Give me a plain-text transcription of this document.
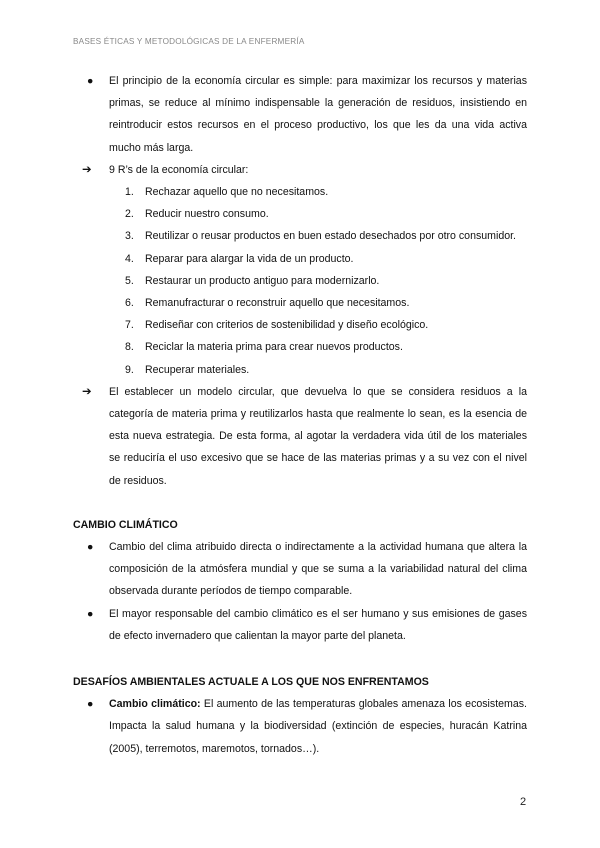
BASES ÉTICAS Y METODOLÓGICAS DE LA ENFERMERÍA
● El principio de la economía circular es simple: para maximizar los recursos y materias primas, se reduce al mínimo indispensable la generación de residuos, insistiendo en reintroducir estos recursos en el proceso productivo, los que les da una vida activa mucho más larga.
➔ 9 R’s de la economía circular:
1. Rechazar aquello que no necesitamos.
2. Reducir nuestro consumo.
3. Reutilizar o reusar productos en buen estado desechados por otro consumidor.
4. Reparar para alargar la vida de un producto.
5. Restaurar un producto antiguo para modernizarlo.
6. Remanufracturar o reconstruir aquello que necesitamos.
7. Rediseñar con criterios de sostenibilidad y diseño ecológico.
8. Reciclar la materia prima para crear nuevos productos.
9. Recuperar materiales.
➔ El establecer un modelo circular, que devuelva lo que se considera residuos a la categoría de materia prima y reutilizarlos hasta que realmente lo sean, es la esencia de esta nueva estrategia. De esta forma, al agotar la verdadera vida útil de los materiales se reduciría el uso excesivo que se hace de las materias primas y a su vez con el nivel de residuos.
CAMBIO CLIMÁTICO
● Cambio del clima atribuido directa o indirectamente a la actividad humana que altera la composición de la atmósfera mundial y que se suma a la variabilidad natural del clima observada durante períodos de tiempo comparable.
● El mayor responsable del cambio climático es el ser humano y sus emisiones de gases de efecto invernadero que calientan la mayor parte del planeta.
DESAFÍOS AMBIENTALES ACTUALE A LOS QUE NOS ENFRENTAMOS
● Cambio climático: El aumento de las temperaturas globales amenaza los ecosistemas. Impacta la salud humana y la biodiversidad (extinción de especies, huracán Katrina (2005), terremotos, maremotos, tornados…).
2
